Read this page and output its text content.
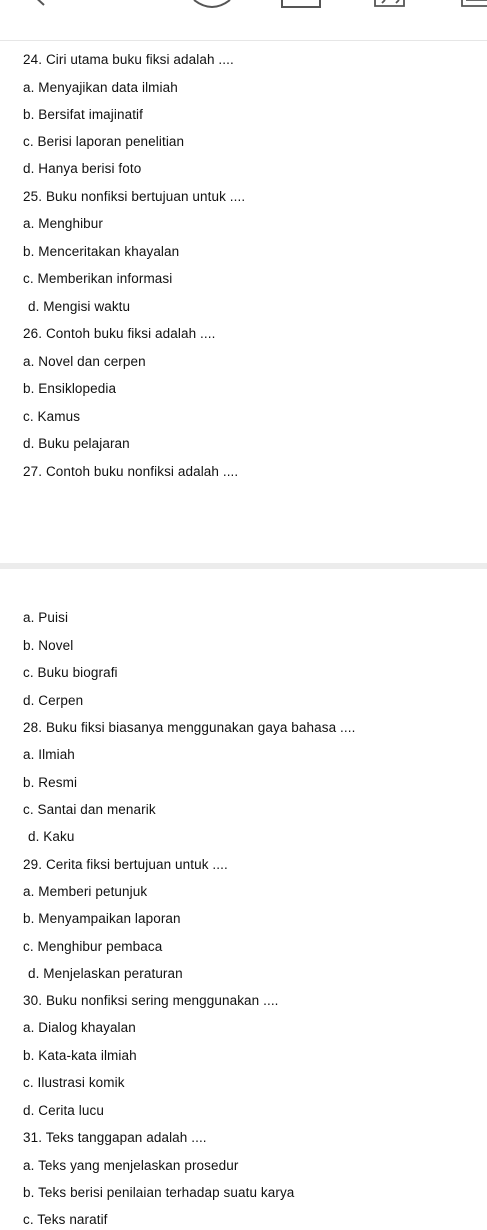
24. Ciri utama buku fiksi adalah ....
a. Menyajikan data ilmiah
b. Bersifat imajinatif
c. Berisi laporan penelitian
d. Hanya berisi foto
25. Buku nonfiksi bertujuan untuk ....
a. Menghibur
b. Menceritakan khayalan
c. Memberikan informasi
d. Mengisi waktu
26. Contoh buku fiksi adalah ....
a. Novel dan cerpen
b. Ensiklopedia
c. Kamus
d. Buku pelajaran
27. Contoh buku nonfiksi adalah ....
a. Puisi
b. Novel
c. Buku biografi
d. Cerpen
28. Buku fiksi biasanya menggunakan gaya bahasa ....
a. Ilmiah
b. Resmi
c. Santai dan menarik
d. Kaku
29. Cerita fiksi bertujuan untuk ....
a. Memberi petunjuk
b. Menyampaikan laporan
c. Menghibur pembaca
d. Menjelaskan peraturan
30. Buku nonfiksi sering menggunakan ....
a. Dialog khayalan
b. Kata-kata ilmiah
c. Ilustrasi komik
d. Cerita lucu
31. Teks tanggapan adalah ....
a. Teks yang menjelaskan prosedur
b. Teks berisi penilaian terhadap suatu karya
c. Teks naratif
